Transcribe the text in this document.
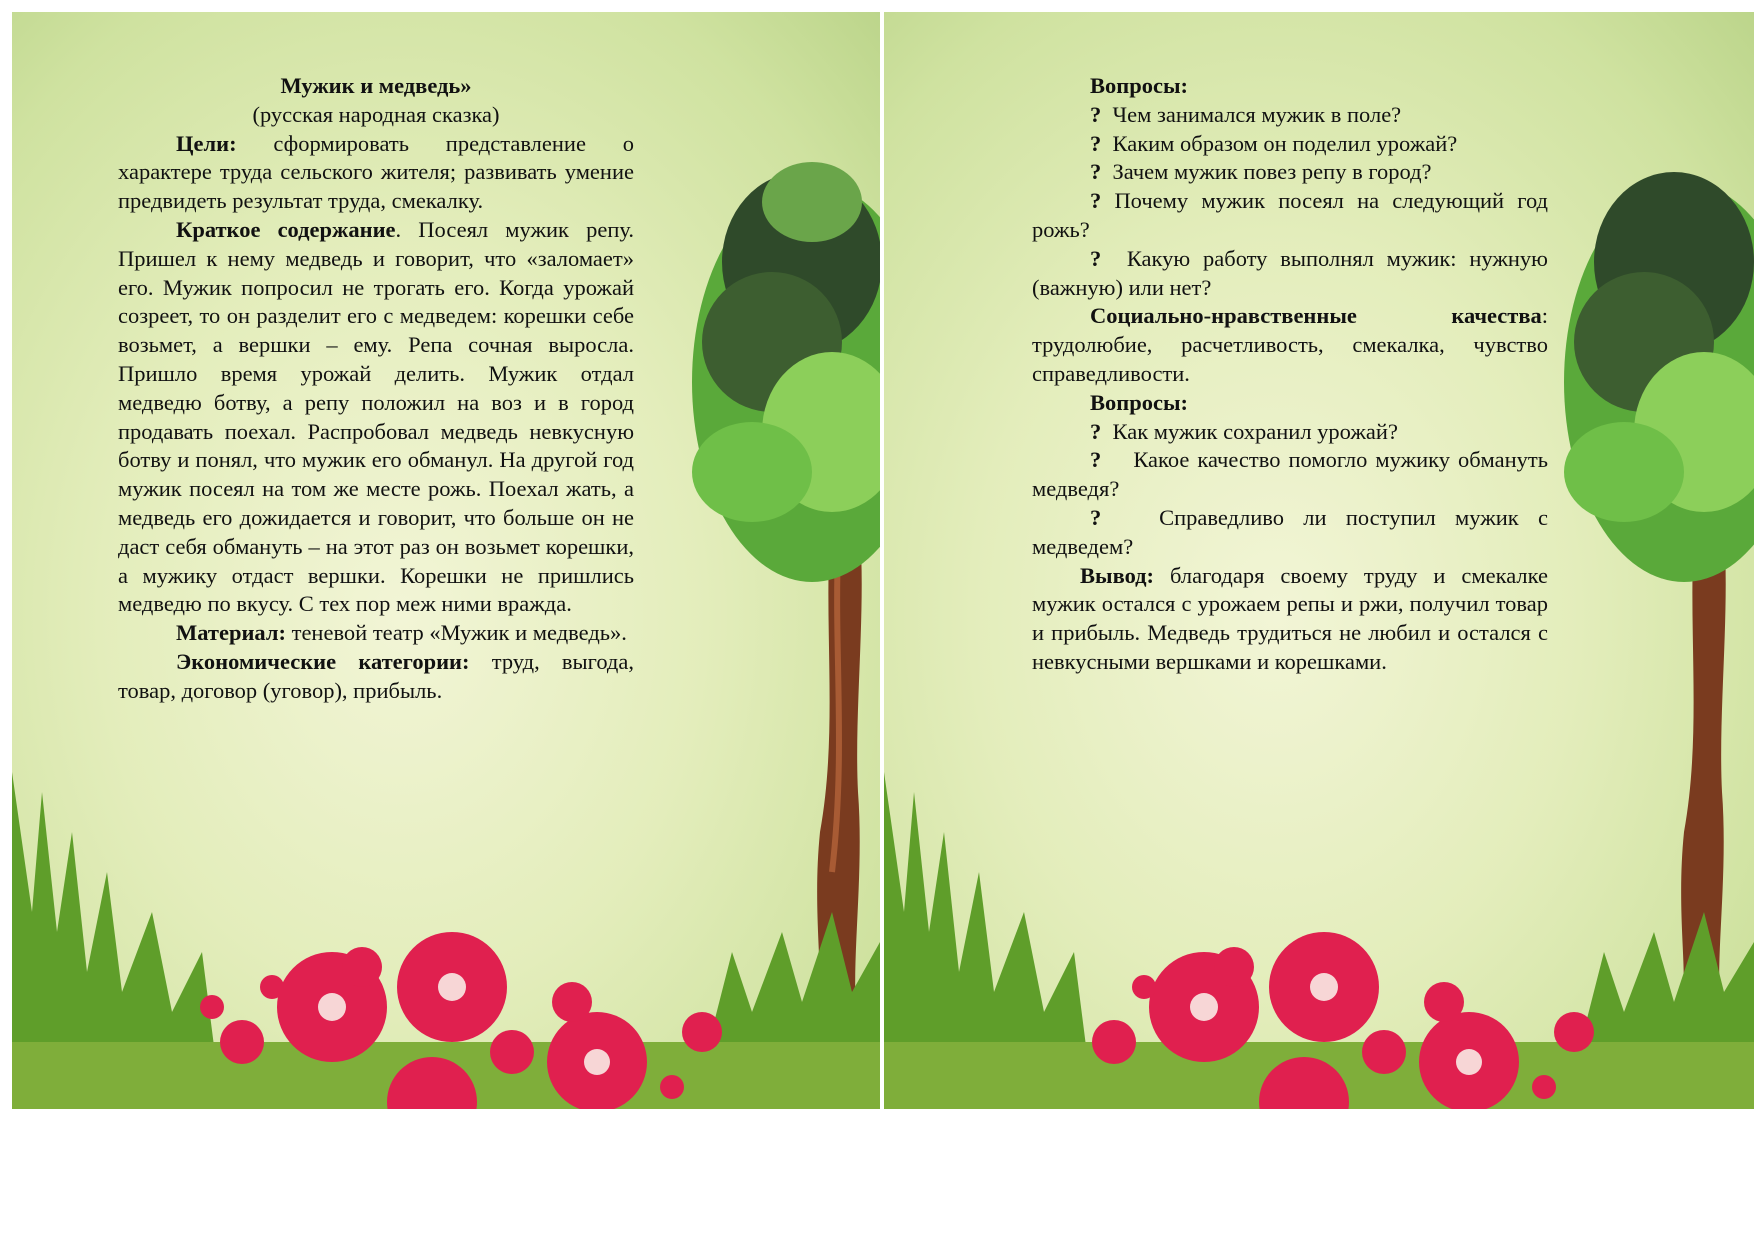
Мужик и медведь»

(русская народная сказка)

Цели: сформировать представление о характере труда сельского жителя; развивать умение предвидеть результат труда, смекалку.

Краткое содержание. Посеял мужик репу. Пришел к нему медведь и говорит, что «заломает» его. Мужик попросил не трогать его. Когда урожай созреет, то он разделит его с медведем: корешки себе возьмет, а вершки – ему. Репа сочная выросла. Пришло время урожай делить. Мужик отдал медведю ботву, а репу положил на воз и в город продавать поехал. Распробовал медведь невкусную ботву и понял, что мужик его обманул. На другой год мужик посеял на том же месте рожь. Поехал жать, а медведь его дожидается и говорит, что больше он не даст себя обмануть – на этот раз он возьмет корешки, а мужику отдаст вершки. Корешки не пришлись медведю по вкусу. С тех пор меж ними вражда.

Материал: теневой театр «Мужик и медведь».

Экономические категории: труд, выгода, товар, договор (уговор), прибыль.

Вопросы:

? Чем занимался мужик в поле?

? Каким образом он поделил урожай?

? Зачем мужик повез репу в город?

? Почему мужик посеял на следующий год рожь?

? Какую работу выполнял мужик: нужную (важную) или нет?

Социально-нравственные качества: трудолюбие, расчетливость, смекалка, чувство справедливости.

Вопросы:

? Как мужик сохранил урожай?

? Какое качество помогло мужику обмануть медведя?

?	Справедливо ли поступил мужик с медведем?

Вывод: благодаря своему труду и смекалке мужик остался с урожаем репы и ржи, получил товар и прибыль. Медведь трудиться не любил и остался с невкусными вершками и корешками.
